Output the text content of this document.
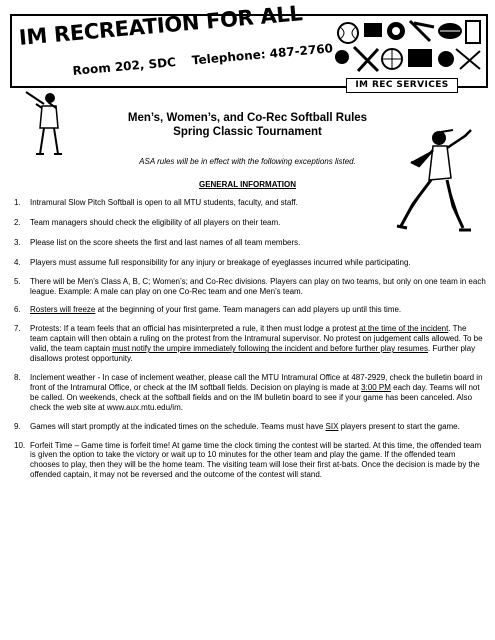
IM RECREATION FOR ALL
Room 202, SDC Telephone: 487-2760
IM REC SERVICES
Men’s, Women’s, and Co-Rec Softball Rules
Spring Classic Tournament
ASA rules will be in effect with the following exceptions listed.
GENERAL INFORMATION
1.	Intramural Slow Pitch Softball is open to all MTU students, faculty, and staff.
2.	Team managers should check the eligibility of all players on their team.
3.	Please list on the score sheets the first and last names of all team members.
4.	Players must assume full responsibility for any injury or breakage of eyeglasses incurred while participating.
5.	There will be Men’s Class A, B, C; Women’s; and Co-Rec divisions. Players can play on two teams, but only on one team in each league. Example: A male can play on one Co-Rec team and one Men’s team.
6.	Rosters will freeze at the beginning of your first game. Team managers can add players up until this time.
7.	Protests: If a team feels that an official has misinterpreted a rule, it then must lodge a protest at the time of the incident. The team captain will then obtain a ruling on the protest from the Intramural supervisor. No protest on judgement calls allowed. To be valid, the team captain must notify the umpire immediately following the incident and before further play resumes. Further play disallows protest opportunity.
8.	Inclement weather - In case of inclement weather, please call the MTU Intramural Office at 487-2929, check the bulletin board in front of the Intramural Office, or check at the IM softball fields. Decision on playing is made at 3:00 PM each day. Teams will not be called. On weekends, check at the softball fields and on the IM bulletin board to see if your game has been canceled. Also check the web site at www.aux.mtu.edu/im.
9.	Games will start promptly at the indicated times on the schedule. Teams must have SIX players present to start the game.
10. Forfeit Time – Game time is forfeit time! At game time the clock timing the contest will be started. At this time, the offended team is given the option to take the victory or wait up to 10 minutes for the other team and play the game. If the offended team chooses to play, then they will be the home team. The visiting team will lose their first at-bats. Once the decision is made by the offended captain, it may not be reversed and the outcome of the contest will stand.
